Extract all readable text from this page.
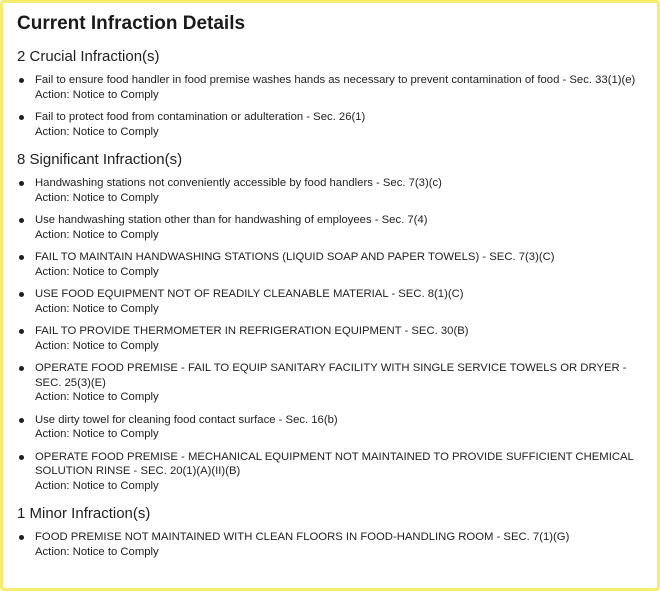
Current Infraction Details
2 Crucial Infraction(s)
Fail to ensure food handler in food premise washes hands as necessary to prevent contamination of food - Sec. 33(1)(e)
Action: Notice to Comply
Fail to protect food from contamination or adulteration - Sec. 26(1)
Action: Notice to Comply
8 Significant Infraction(s)
Handwashing stations not conveniently accessible by food handlers - Sec. 7(3)(c)
Action: Notice to Comply
Use handwashing station other than for handwashing of employees - Sec. 7(4)
Action: Notice to Comply
FAIL TO MAINTAIN HANDWASHING STATIONS (LIQUID SOAP AND PAPER TOWELS) - SEC. 7(3)(C)
Action: Notice to Comply
USE FOOD EQUIPMENT NOT OF READILY CLEANABLE MATERIAL - SEC. 8(1)(C)
Action: Notice to Comply
FAIL TO PROVIDE THERMOMETER IN REFRIGERATION EQUIPMENT - SEC. 30(B)
Action: Notice to Comply
OPERATE FOOD PREMISE - FAIL TO EQUIP SANITARY FACILITY WITH SINGLE SERVICE TOWELS OR DRYER - SEC. 25(3)(E)
Action: Notice to Comply
Use dirty towel for cleaning food contact surface - Sec. 16(b)
Action: Notice to Comply
OPERATE FOOD PREMISE - MECHANICAL EQUIPMENT NOT MAINTAINED TO PROVIDE SUFFICIENT CHEMICAL SOLUTION RINSE - SEC. 20(1)(A)(II)(B)
Action: Notice to Comply
1 Minor Infraction(s)
FOOD PREMISE NOT MAINTAINED WITH CLEAN FLOORS IN FOOD-HANDLING ROOM - SEC. 7(1)(G)
Action: Notice to Comply
